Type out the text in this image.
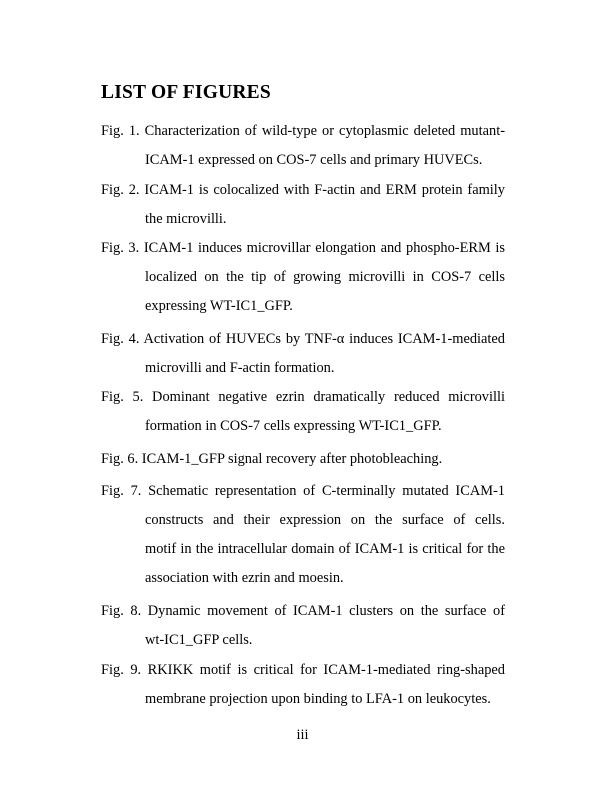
LIST OF FIGURES
Fig. 1. Characterization of wild-type or cytoplasmic deleted mutant-
ICAM-1 expressed on COS-7 cells and primary HUVECs.
Fig. 2. ICAM-1 is colocalized with F-actin and ERM protein family
the microvilli.
Fig. 3. ICAM-1 induces microvillar elongation and phospho-ERM is
localized on the tip of growing microvilli in COS-7 cells
expressing WT-IC1_GFP.
Fig. 4. Activation of HUVECs by TNF-α induces ICAM-1-mediated
microvilli and F-actin formation.
Fig. 5. Dominant negative ezrin dramatically reduced microvilli
formation in COS-7 cells expressing WT-IC1_GFP.
Fig. 6. ICAM-1_GFP signal recovery after photobleaching.
Fig. 7. Schematic representation of C-terminally mutated ICAM-1
constructs and their expression on the surface of cells.
motif in the intracellular domain of ICAM-1 is critical for the
association with ezrin and moesin.
Fig. 8. Dynamic movement of ICAM-1 clusters on the surface of
wt-IC1_GFP cells.
Fig. 9. RKIKK motif is critical for ICAM-1-mediated ring-shaped
membrane projection upon binding to LFA-1 on leukocytes.

iii
